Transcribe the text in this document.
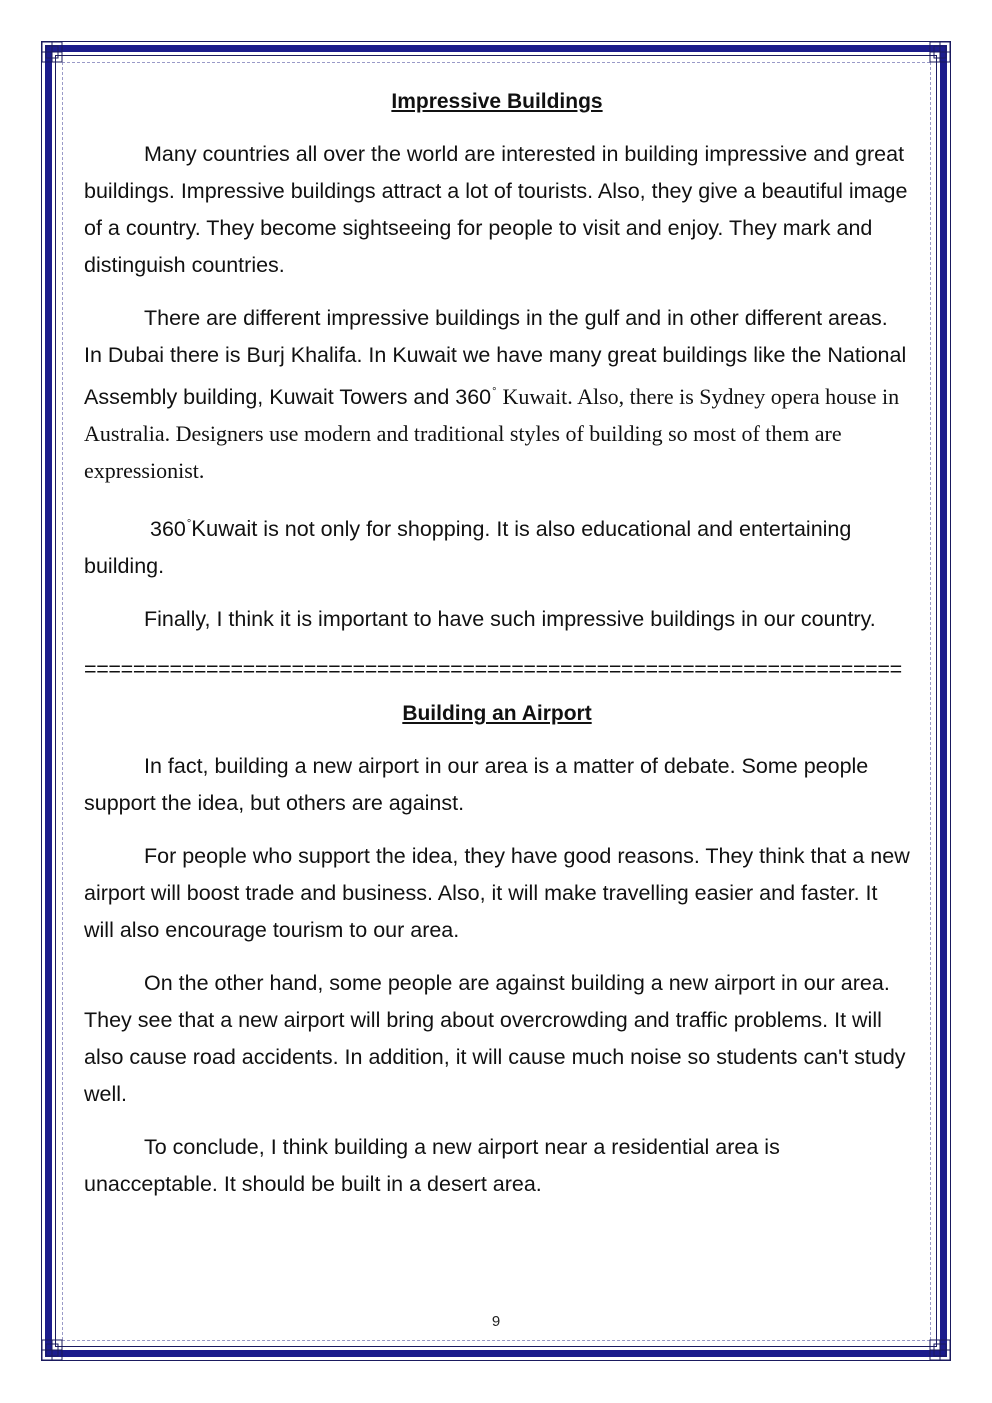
Impressive Buildings

Many countries all over the world are interested in building impressive and great buildings. Impressive buildings attract a lot of tourists. Also, they give a beautiful image of a country. They become sightseeing for people to visit and enjoy. They mark and distinguish countries.

There are different impressive buildings in the gulf and in other different areas. In Dubai there is Burj Khalifa. In Kuwait we have many great buildings like the National Assembly building, Kuwait Towers and 360° Kuwait. Also, there is Sydney opera house in Australia. Designers use modern and traditional styles of building so most of them are expressionist.

360°Kuwait is not only for shopping. It is also educational and entertaining building.

Finally, I think it is important to have such impressive buildings in our country.

===================================================================
Building an Airport

In fact, building a new airport in our area is a matter of debate. Some people support the idea, but others are against.

For people who support the idea, they have good reasons. They think that a new airport will boost trade and business. Also, it will make travelling easier and faster. It will also encourage tourism to our area.

On the other hand, some people are against building a new airport in our area. They see that a new airport will bring about overcrowding and traffic problems. It will also cause road accidents. In addition, it will cause much noise so students can't study well.

To conclude, I think building a new airport near a residential area is unacceptable. It should be built in a desert area.

9
